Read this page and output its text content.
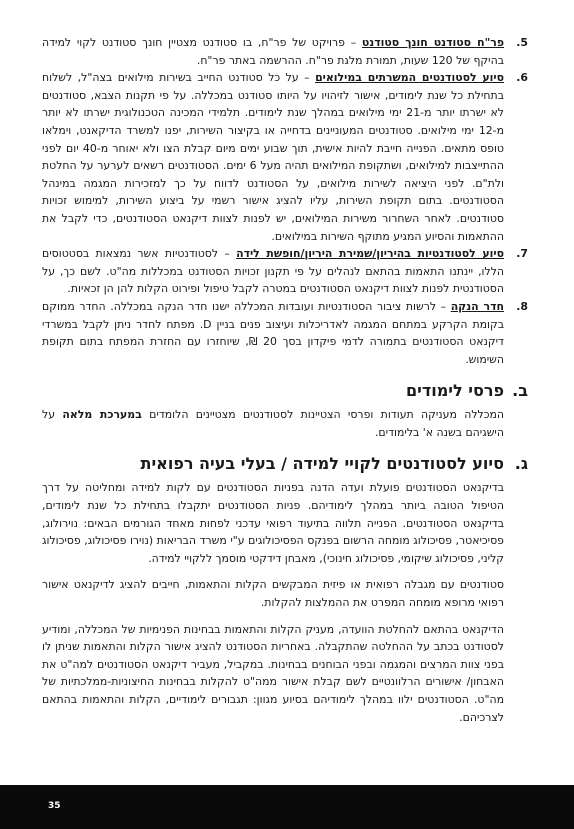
5.
פר"ח סטודנט חונך סטודנט – פרויקט של פר"ח, בו סטודנט מצטיין חונך סטודנט לקוי למידה בהיקף של 120 שעות, תמורת מלגת פר"ח. ההרשמה באתר פר"ח.
6.
סיוע לסטודנטים המשרתים במילואים – על כל סטודנט החייב בשירות מילואים בצה"ל, לשלוח בתחילת כל שנת לימודים, אישור לזיהויו על היותו סטודנט במכללה. על פי תקנות הצבא, סטודנטים לא ישרתו יותר מ-21 ימי מילואים במהלך שנת לימודים. תלמידי המכינה הטכנולוגית ישרתו לא יותר מ-12 ימי מילואים. סטודנטים המעוניינים בדחייה או בקיצור השירות, יפנו למשרד הדיקאנט, וימלאו טופס מתאים. הפנייה חייבת להיות אישית, תוך שבוע ימים מיום קבלת הצו ולא יאוחר מ-40 יום לפני ההתייצבות למילואים, ושתקופת המילואים תהיה מעל 6 ימים. הסטודנטים רשאים לערער על החלטת ולת"ם. לפני היציאה לשירות מילואים, על הסטודנט לדווח על כך למזכירות המגמה במינהל הסטודנטים. בתום תקופת השירות, עליו להציג אישור רשמי על ביצוע השירות, למימוש זכויות סטודנטים. לאחר השחרור משירות המילואים, יש לפנות לצוות דיקנאט הסטודנטים, כדי לקבל את ההתאמות והסיוע המגיע מתוקף השירות במילואים.
7.
סיוע לסטודנטיות בהיריון/שמירת היריון/חופשת לידה – לסטודנטיות אשר נמצאות בסטטוסים הללו, יינתנו התאמות בהתאם לנהלים על פי תקנון זכויות הסטודנט במכללות מה"ט. לשם כך, על הסטודנטית לפנות לצוות דיקנאט הסטודנטים במטרה לקבל טיפול ופירוט הקלות להן הן זכאיות.
8.
חדר הנקה – לרשות ציבור הסטודנטיות ועובדות המכללה ישנו חדר הנקה במכללה. החדר ממוקם בקומת הקרקע במתחם המגמה לאדריכלות ועיצוב פנים בניין D. מפתח לחדר ניתן לקבל במשרדי דיקנאט הסטודנטים בתמורה לדמי פיקדון בסך 20 ₪, שיוחזרו עם החזרת המפתח בתום תקופת השימוש.
ב.
פרסי לימודים

המכללה מעניקה תעודות ופרסי הצטיינות לסטודנטים מצטיינים הלומדים במערכת מלאה על הישגיהם בשנה א' בלימודים.

ג.
סיוע לסטודנטים לקויי למידה / בעלי בעיה רפואית

בדיקנאט הסטודנטים פועלת ועדה הדנה בפניות הסטודנטים עם לקות למידה ומחליטה על דרך הטיפול הטובה ביותר במהלך לימודיהם. פניות הסטודנטים יתקבלו בתחילת כל שנת לימודים, בדיקנאט הסטודנטים. הפנייה תלווה בתיעוד רפואי עדכני לפחות מאחד הגורמים הבאים: נוירולוג, פסיכיאטר, פסיכולוג מומחה הרשום בפנקס הפסיכולוגים ע"י משרד הבריאות (נוירו פסיכולוג, פסיכולוג קליני, פסיכולוג שיקומי, פסיכולוג חינוכי), מאבחן דידקטי מוסמך ללקויי למידה.

סטודנטים עם מגבלה רפואית או פיזית המבקשים הקלות והתאמות, חייבים להציג לדיקנאט אישור רפואי מרופא מומחה המפרט את ההמלצות להקלות.

הדיקנאט בהתאם להחלטת הוועדה, מעניק הקלות והתאמות בבחינות הפנימיות של המכללה, ומודיע לסטודנט בכתב על ההחלטה שהתקבלה. באחריות הסטודנט להציג אישור הקלות והתאמות שניתן לו בפני צוות המרצים והמגמה ובפני הבוחנים בבחינות. במקביל, מעביר דיקנאט הסטודנטים למה"ט את האבחון/ אישורים הרלוונטיים לשם קבלת אישור ממה"ט להקלות בבחינות החיצוניות-ממלכתיות של מה"ט. הסטודנטים ילוו במהלך לימודיהם בסיוע מגוון: תגבורים לימודיים, הקלות והתאמות בהתאם לצרכיהם.

35
